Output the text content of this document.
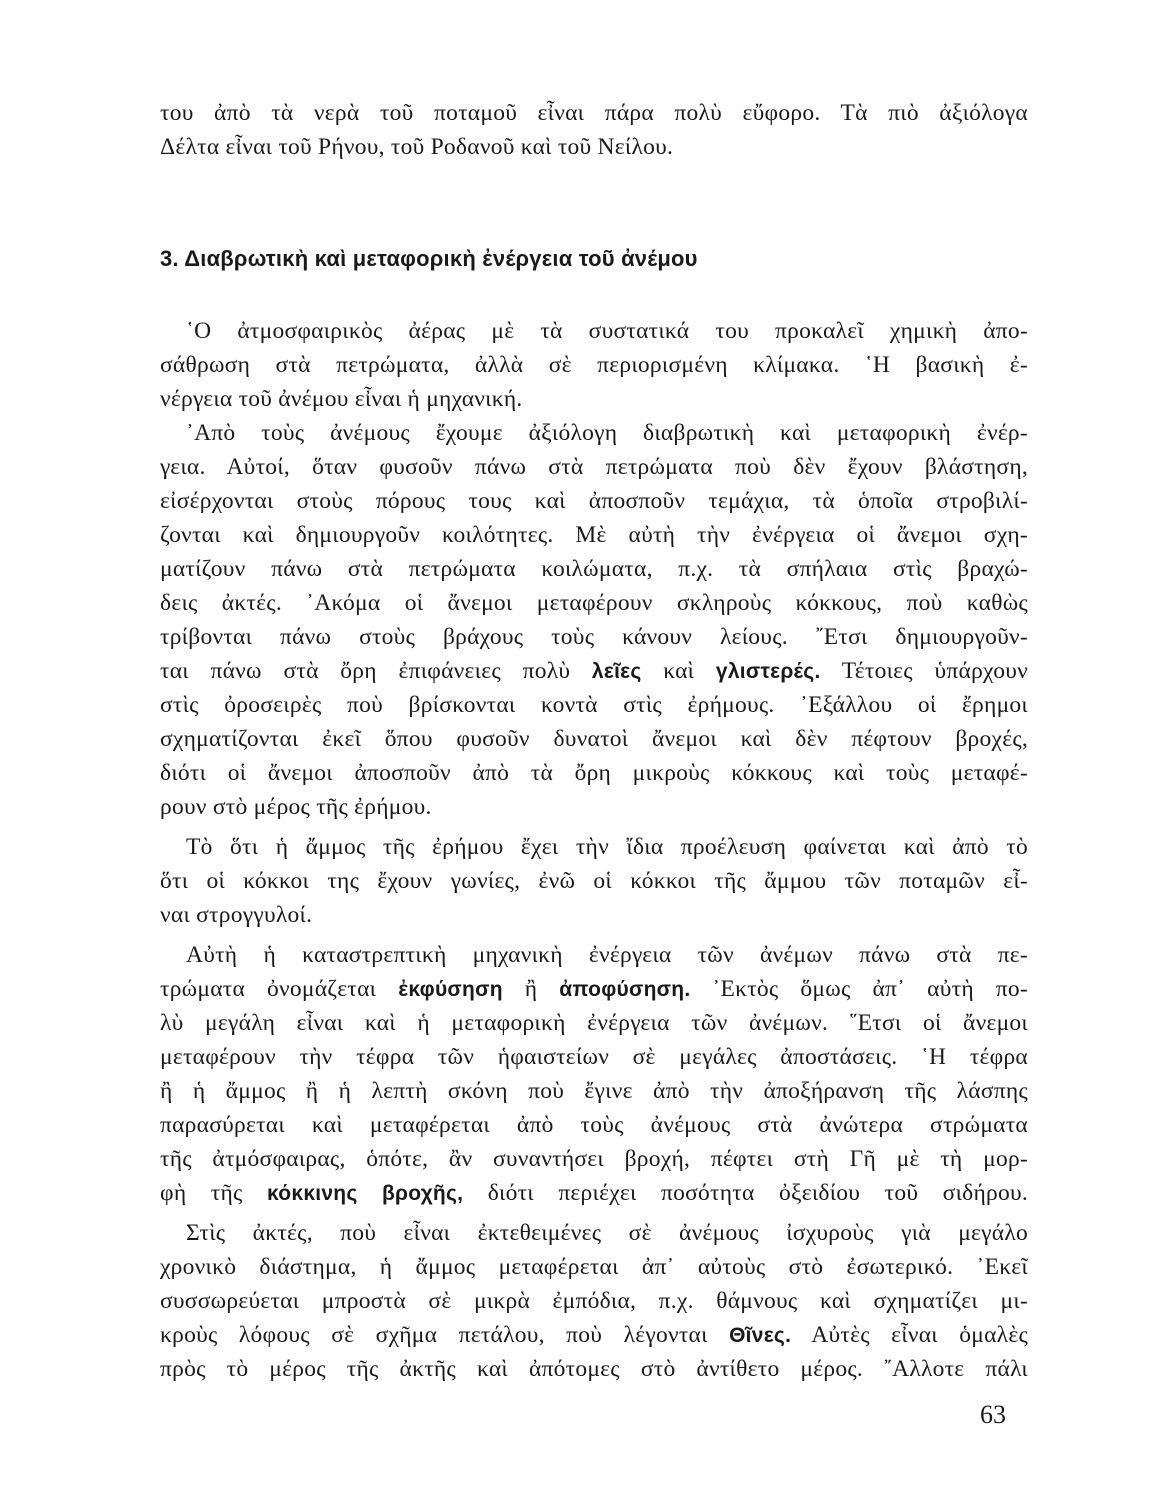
του ἀπὸ τὰ νερὰ τοῦ ποταμοῦ εἶναι πάρα πολὺ εὔφορο. Τὰ πιὸ ἀξιόλογα
Δέλτα εἶναι τοῦ Ρήνου, τοῦ Ροδανοῦ καὶ τοῦ Νείλου.
3. Διαβρωτικὴ καὶ μεταφορικὴ ἐνέργεια τοῦ ἀνέμου
῾Ο ἀτμοσφαιρικὸς ἀέρας μὲ τὰ συστατικά του προκαλεῖ χημικὴ ἀπο-
σάθρωση στὰ πετρώματα, ἀλλὰ σὲ περιορισμένη κλίμακα. ῾Η βασικὴ ἐ-
νέργεια τοῦ ἀνέμου εἶναι ἡ μηχανική.
᾿Απὸ τοὺς ἀνέμους ἔχουμε ἀξιόλογη διαβρωτικὴ καὶ μεταφορικὴ ἐνέρ-
γεια. Αὐτοί, ὅταν φυσοῦν πάνω στὰ πετρώματα ποὺ δὲν ἔχουν βλάστηση,
εἰσέρχονται στοὺς πόρους τους καὶ ἀποσποῦν τεμάχια, τὰ ὁποῖα στροβιλί-
ζονται καὶ δημιουργοῦν κοιλότητες. Μὲ αὐτὴ τὴν ἐνέργεια οἱ ἄνεμοι σχη-
ματίζουν πάνω στὰ πετρώματα κοιλώματα, π.χ. τὰ σπήλαια στὶς βραχώ-
δεις ἀκτές. ᾿Ακόμα οἱ ἄνεμοι μεταφέρουν σκληροὺς κόκκους, ποὺ καθὼς
τρίβονται πάνω στοὺς βράχους τοὺς κάνουν λείους. ῎Ετσι δημιουργοῦν-
ται πάνω στὰ ὄρη ἐπιφάνειες πολὺ λεῖες καὶ γλιστερές. Τέτοιες ὑπάρχουν
στὶς ὀροσειρὲς ποὺ βρίσκονται κοντὰ στὶς ἐρήμους. ᾿Εξάλλου οἱ ἔρημοι
σχηματίζονται ἐκεῖ ὅπου φυσοῦν δυνατοὶ ἄνεμοι καὶ δὲν πέφτουν βροχές,
διότι οἱ ἄνεμοι ἀποσποῦν ἀπὸ τὰ ὄρη μικροὺς κόκκους καὶ τοὺς μεταφέ-
ρουν στὸ μέρος τῆς ἐρήμου.
Τὸ ὅτι ἡ ἄμμος τῆς ἐρήμου ἔχει τὴν ἴδια προέλευση φαίνεται καὶ ἀπὸ τὸ
ὅτι οἱ κόκκοι της ἔχουν γωνίες, ἐνῶ οἱ κόκκοι τῆς ἄμμου τῶν ποταμῶν εἶ-
ναι στρογγυλοί.
Αὐτὴ ἡ καταστρεπτικὴ μηχανικὴ ἐνέργεια τῶν ἀνέμων πάνω στὰ πε-
τρώματα ὀνομάζεται ἐκφύσηση ἢ ἀποφύσηση. ᾿Εκτὸς ὅμως ἀπ᾿ αὐτὴ πο-
λὺ μεγάλη εἶναι καὶ ἡ μεταφορικὴ ἐνέργεια τῶν ἀνέμων. ῞Ετσι οἱ ἄνεμοι
μεταφέρουν τὴν τέφρα τῶν ἡφαιστείων σὲ μεγάλες ἀποστάσεις. ῾Η τέφρα
ἢ ἡ ἄμμος ἢ ἡ λεπτὴ σκόνη ποὺ ἔγινε ἀπὸ τὴν ἀποξήρανση τῆς λάσπης
παρασύρεται καὶ μεταφέρεται ἀπὸ τοὺς ἀνέμους στὰ ἀνώτερα στρώματα
τῆς ἀτμόσφαιρας, ὁπότε, ἂν συναντήσει βροχή, πέφτει στὴ Γῆ μὲ τὴ μορ-
φὴ τῆς κόκκινης βροχῆς, διότι περιέχει ποσότητα ὀξειδίου τοῦ σιδήρου.
Στὶς ἀκτές, ποὺ εἶναι ἐκτεθειμένες σὲ ἀνέμους ἰσχυροὺς γιὰ μεγάλο
χρονικὸ διάστημα, ἡ ἄμμος μεταφέρεται ἀπ᾿ αὐτοὺς στὸ ἐσωτερικό. ᾿Εκεῖ
συσσωρεύεται μπροστὰ σὲ μικρὰ ἐμπόδια, π.χ. θάμνους καὶ σχηματίζει μι-
κροὺς λόφους σὲ σχῆμα πετάλου, ποὺ λέγονται Θῖνες. Αὐτὲς εἶναι ὁμαλὲς
πρὸς τὸ μέρος τῆς ἀκτῆς καὶ ἀπότομες στὸ ἀντίθετο μέρος. ῎Αλλοτε πάλι
63
